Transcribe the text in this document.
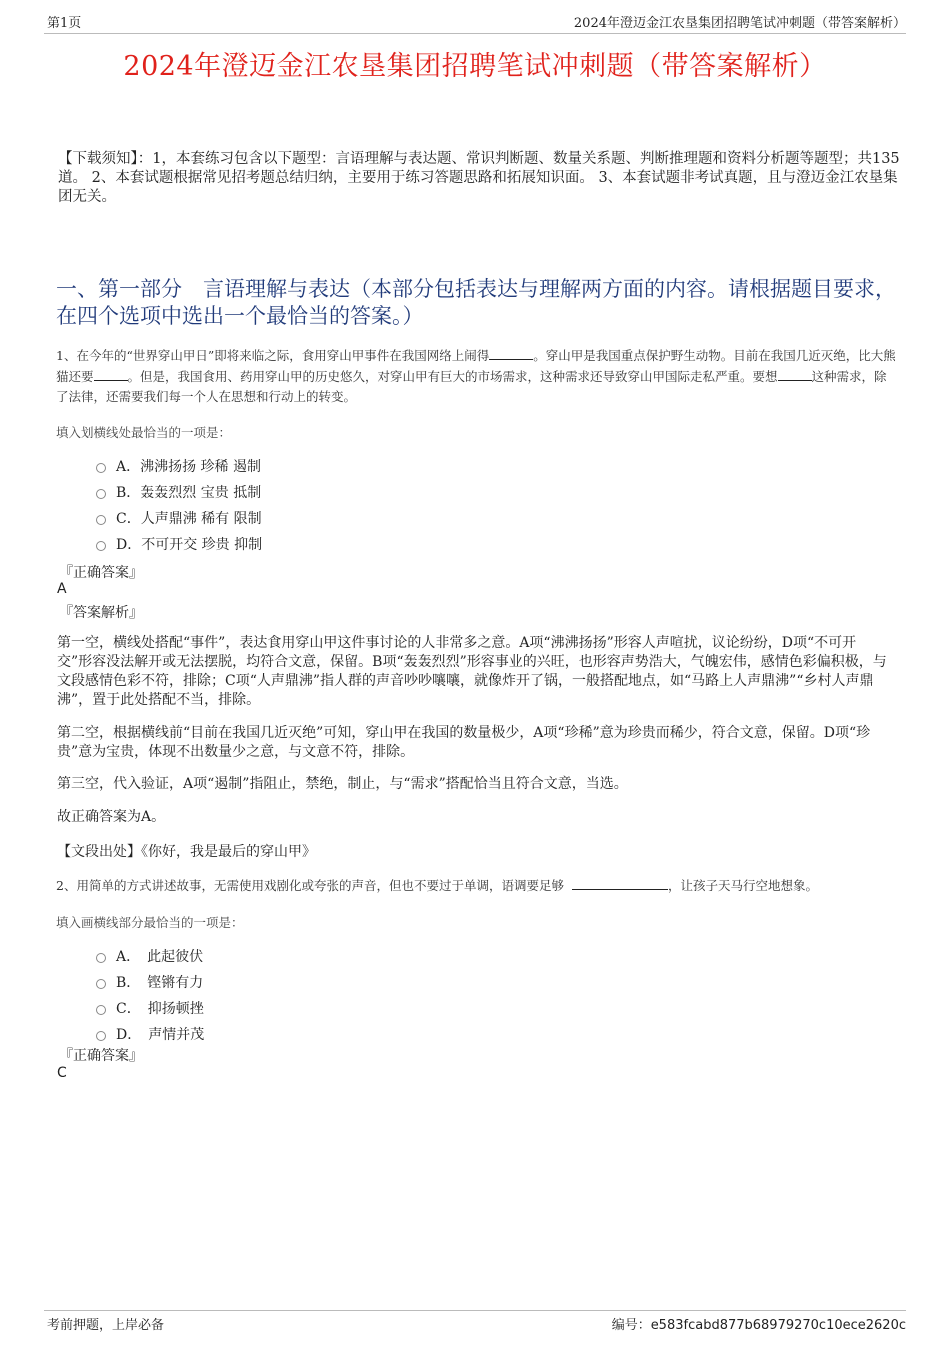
第1页	2024年澄迈金江农垦集团招聘笔试冲刺题（带答案解析）
2024年澄迈金江农垦集团招聘笔试冲刺题（带答案解析）
【下载须知】：1，本套练习包含以下题型：言语理解与表达题、常识判断题、数量关系题、判断推理题和资料分析题等题型；共135道。 2、本套试题根据常见招考题总结归纳，主要用于练习答题思路和拓展知识面。 3、本套试题非考试真题，且与澄迈金江农垦集团无关。
一、第一部分　言语理解与表达（本部分包括表达与理解两方面的内容。请根据题目要求，在四个选项中选出一个最恰当的答案。）
1、在今年的“世界穿山甲日”即将来临之际，食用穿山甲事件在我国网络上闹得	。穿山甲是我国重点保护野生动物。目前在我国几近灭绝，比大熊猫还要	。但是，我国食用、药用穿山甲的历史悠久，对穿山甲有巨大的市场需求，这种需求还导致穿山甲国际走私严重。要想	这种需求，除了法律，还需要我们每一个人在思想和行动上的转变。
填入划横线处最恰当的一项是：
A．沸沸扬扬 珍稀 遏制
B．轰轰烈烈 宝贵 抵制
C．人声鼎沸 稀有 限制
D．不可开交 珍贵 抑制
『正确答案』
A
『答案解析』
第一空，横线处搭配“事件”，表达食用穿山甲这件事讨论的人非常多之意。A项“沸沸扬扬”形容人声喧扰，议论纷纷，D项“不可开交”形容没法解开或无法摆脱，均符合文意，保留。B项“轰轰烈烈”形容事业的兴旺，也形容声势浩大，气魄宏伟，感情色彩偏积极，与文段感情色彩不符，排除；C项“人声鼎沸”指人群的声音吵吵嚷嚷，就像炸开了锅，一般搭配地点，如“马路上人声鼎沸”“乡村人声鼎沸”，置于此处搭配不当，排除。
第二空，根据横线前“目前在我国几近灭绝”可知，穿山甲在我国的数量极少，A项“珍稀”意为珍贵而稀少，符合文意，保留。D项“珍贵”意为宝贵，体现不出数量少之意，与文意不符，排除。
第三空，代入验证，A项“遏制”指阻止，禁绝，制止，与“需求”搭配恰当且符合文意，当选。
故正确答案为A。
【文段出处】《你好，我是最后的穿山甲》
2、用简单的方式讲述故事，无需使用戏剧化或夸张的声音，但也不要过于单调，语调要足够	，让孩子天马行空地想象。
填入画横线部分最恰当的一项是：
A．　此起彼伏
B．　铿锵有力
C．　抑扬顿挫
D．　声情并茂
『正确答案』
C
考前押题，上岸必备	编号：e583fcabd877b68979270c10ece2620c
